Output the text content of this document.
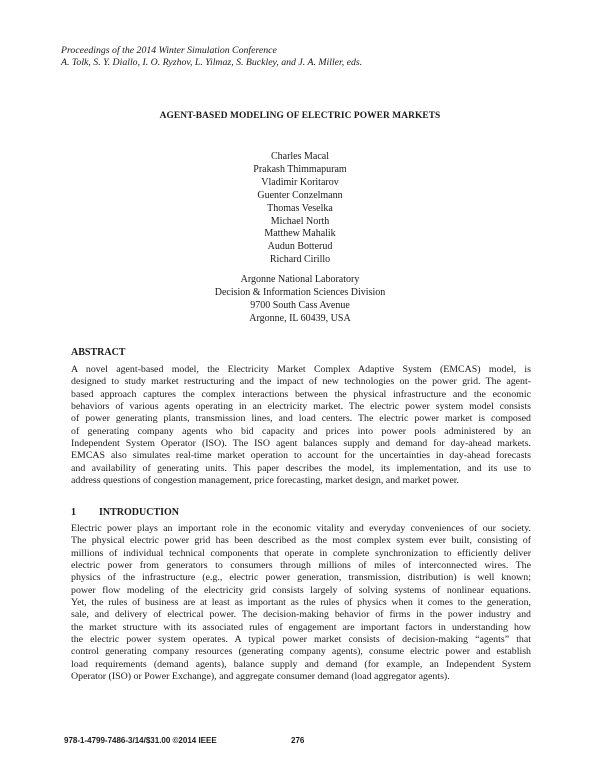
Proceedings of the 2014 Winter Simulation Conference
A. Tolk, S. Y. Diallo, I. O. Ryzhov, L. Yilmaz, S. Buckley, and J. A. Miller, eds.
AGENT-BASED MODELING OF ELECTRIC POWER MARKETS
Charles Macal
Prakash Thimmapuram
Vladimir Koritarov
Guenter Conzelmann
Thomas Veselka
Michael North
Matthew Mahalik
Audun Botterud
Richard Cirillo
Argonne National Laboratory
Decision & Information Sciences Division
9700 South Cass Avenue
Argonne, IL 60439, USA
ABSTRACT
A novel agent-based model, the Electricity Market Complex Adaptive System (EMCAS) model, is
designed to study market restructuring and the impact of new technologies on the power grid. The agent-
based approach captures the complex interactions between the physical infrastructure and the economic
behaviors of various agents operating in an electricity market. The electric power system model consists
of power generating plants, transmission lines, and load centers. The electric power market is composed
of generating company agents who bid capacity and prices into power pools administered by an
Independent System Operator (ISO). The ISO agent balances supply and demand for day-ahead markets.
EMCAS also simulates real-time market operation to account for the uncertainties in day-ahead forecasts
and availability of generating units. This paper describes the model, its implementation, and its use to
address questions of congestion management, price forecasting, market design, and market power.
1 INTRODUCTION
Electric power plays an important role in the economic vitality and everyday conveniences of our society.
The physical electric power grid has been described as the most complex system ever built, consisting of
millions of individual technical components that operate in complete synchronization to efficiently deliver
electric power from generators to consumers through millions of miles of interconnected wires. The
physics of the infrastructure (e.g., electric power generation, transmission, distribution) is well known;
power flow modeling of the electricity grid consists largely of solving systems of nonlinear equations.
Yet, the rules of business are at least as important as the rules of physics when it comes to the generation,
sale, and delivery of electrical power. The decision-making behavior of firms in the power industry and
the market structure with its associated rules of engagement are important factors in understanding how
the electric power system operates. A typical power market consists of decision-making “agents” that
control generating company resources (generating company agents), consume electric power and establish
load requirements (demand agents), balance supply and demand (for example, an Independent System
Operator (ISO) or Power Exchange), and aggregate consumer demand (load aggregator agents).
978-1-4799-7486-3/14/$31.00 ©2014 IEEE	276
